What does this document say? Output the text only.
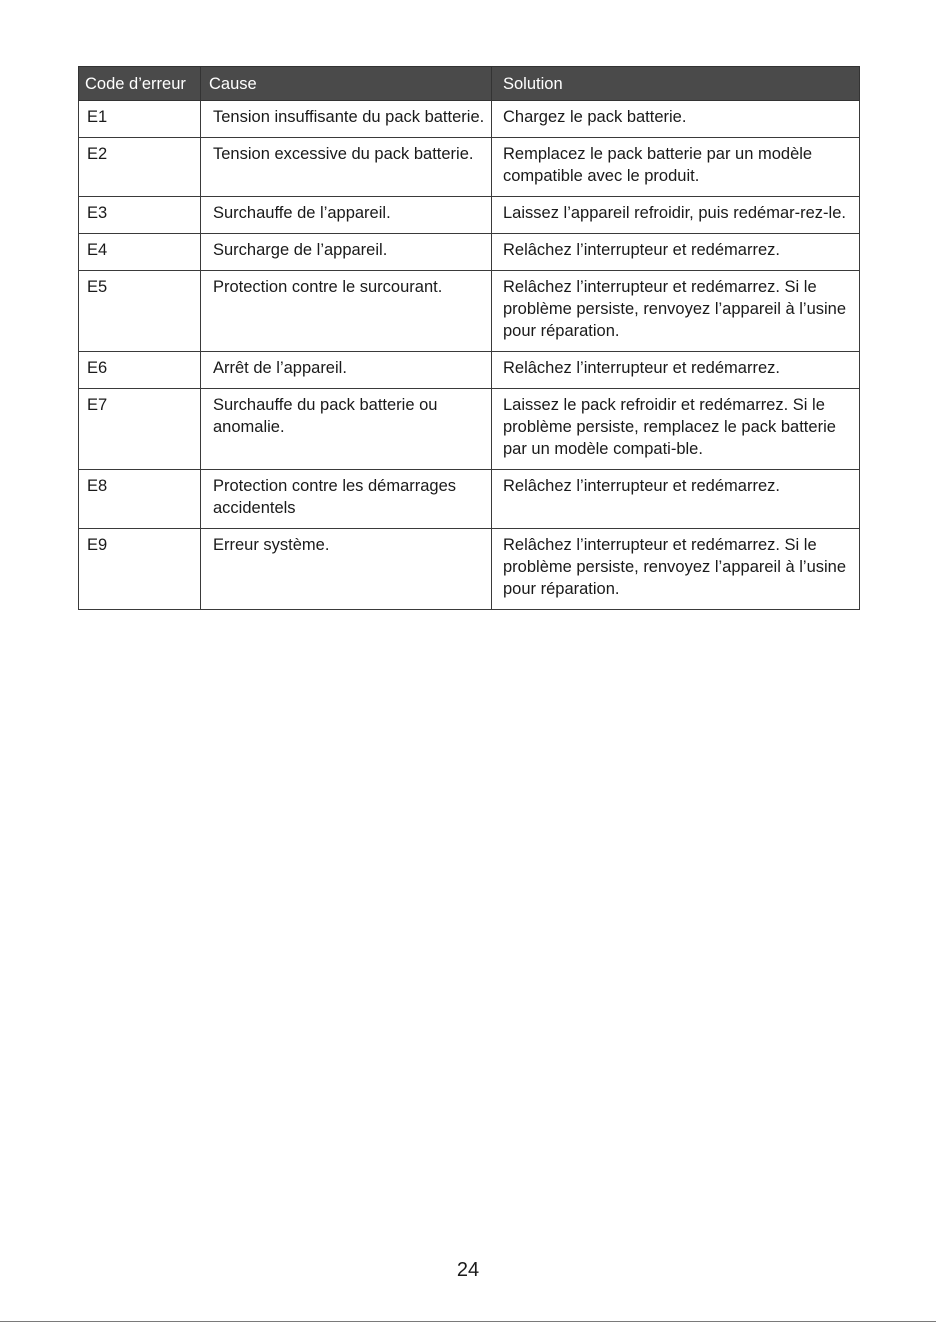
Code d’erreur	Cause	Solution
E1	Tension insuffisante du pack batterie.	Chargez le pack batterie.
E2	Tension excessive du pack batterie.	Remplacez le pack batterie par un modèle compatible avec le produit.
E3	Surchauffe de l’appareil.	Laissez l’appareil refroidir, puis redémar-rez-le.
E4	Surcharge de l’appareil.	Relâchez l’interrupteur et redémarrez.
E5	Protection contre le surcourant.	Relâchez l’interrupteur et redémarrez. Si le problème persiste, renvoyez l’appareil à l’usine pour réparation.
E6	Arrêt de l’appareil.	Relâchez l’interrupteur et redémarrez.
E7	Surchauffe du pack batterie ou anomalie.	Laissez le pack refroidir et redémarrez. Si le problème persiste, remplacez le pack batterie par un modèle compati-ble.
E8	Protection contre les démarrages accidentels	Relâchez l’interrupteur et redémarrez.
E9	Erreur système.	Relâchez l’interrupteur et redémarrez. Si le problème persiste, renvoyez l’appareil à l’usine pour réparation.
24
